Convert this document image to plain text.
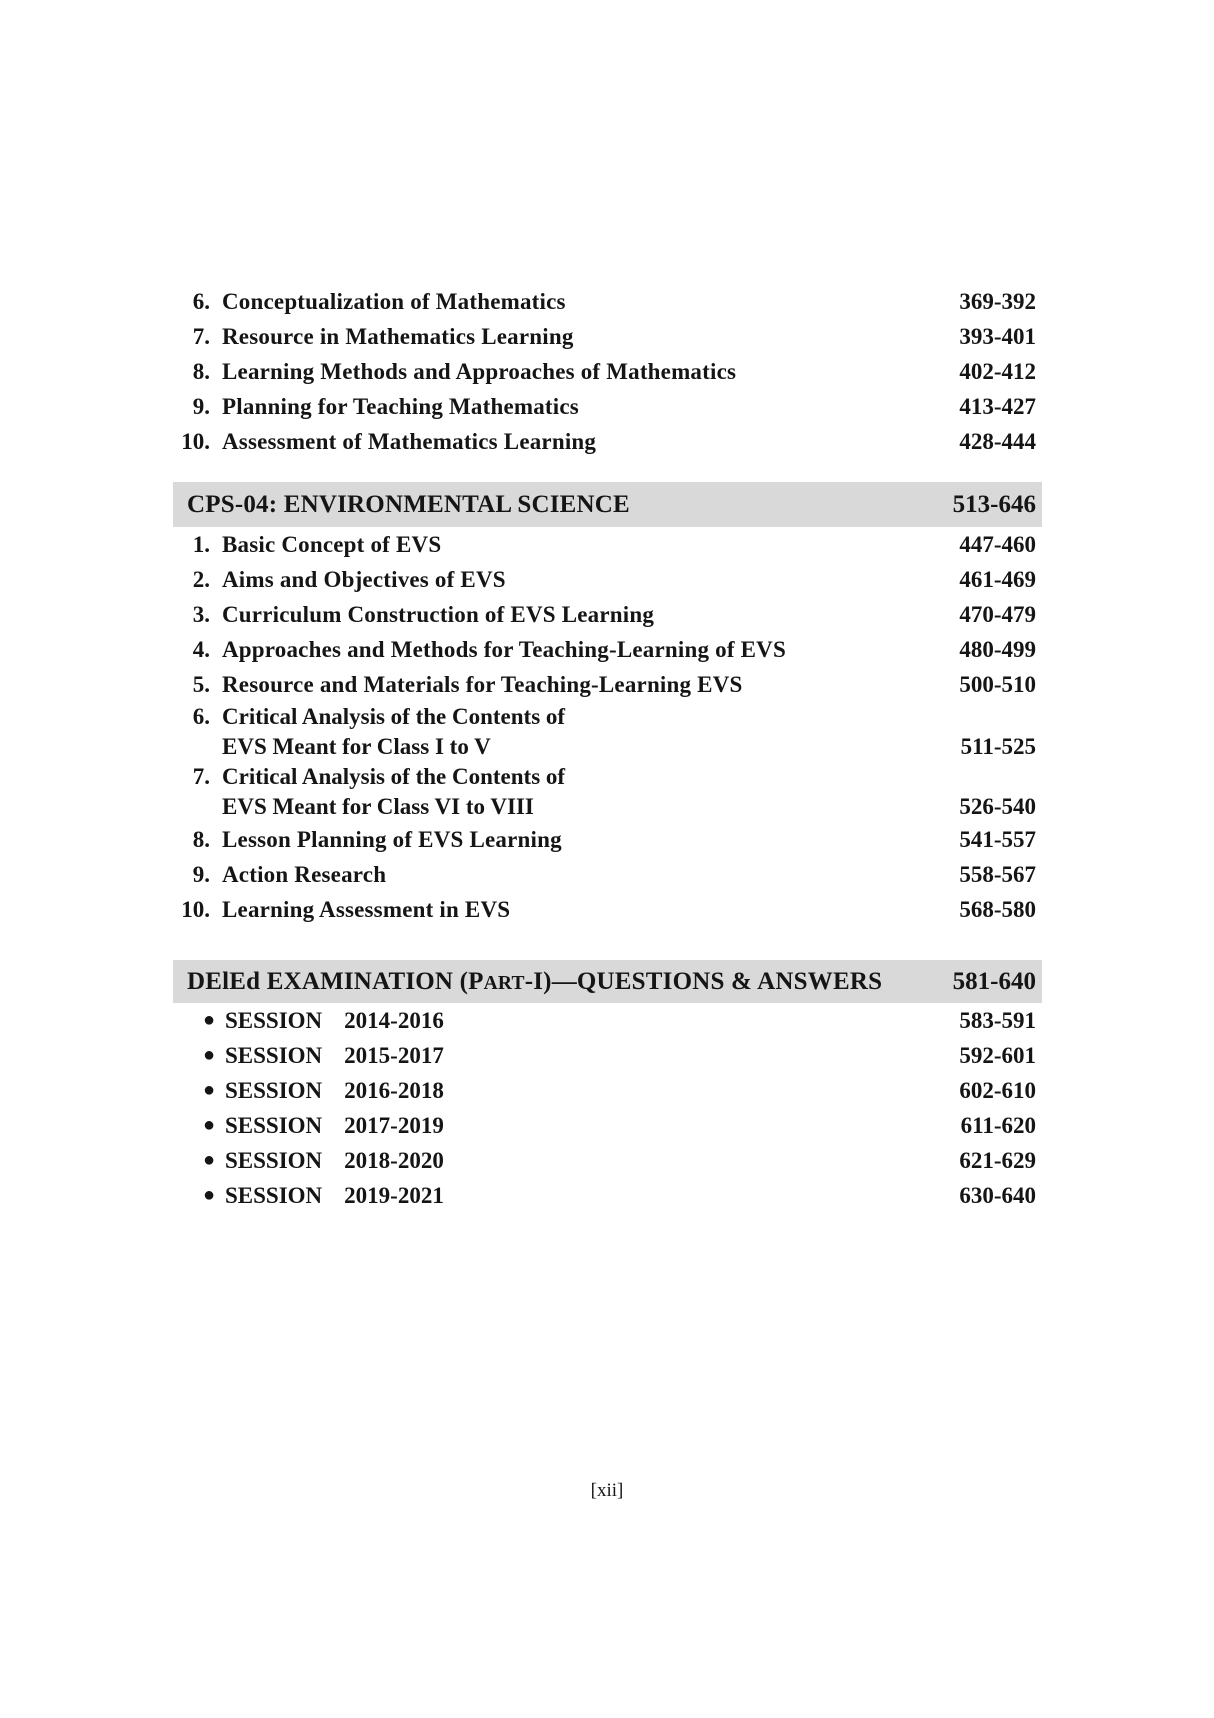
6. Conceptualization of Mathematics	369-392
7. Resource in Mathematics Learning	393-401
8. Learning Methods and Approaches of Mathematics	402-412
9. Planning for Teaching Mathematics	413-427
10. Assessment of Mathematics Learning	428-444
CPS-04: ENVIRONMENTAL SCIENCE	513-646
1. Basic Concept of EVS	447-460
2. Aims and Objectives of EVS	461-469
3. Curriculum Construction of EVS Learning	470-479
4. Approaches and Methods for Teaching-Learning of EVS	480-499
5. Resource and Materials for Teaching-Learning EVS	500-510
6. Critical Analysis of the Contents of
EVS Meant for Class I to V	511-525
7. Critical Analysis of the Contents of
EVS Meant for Class VI to VIII	526-540
8. Lesson Planning of EVS Learning	541-557
9. Action Research	558-567
10. Learning Assessment in EVS	568-580
DElEd EXAMINATION (PART-I)—QUESTIONS & ANSWERS	581-640
● SESSION 2014-2016	583-591
● SESSION 2015-2017	592-601
● SESSION 2016-2018	602-610
● SESSION 2017-2019	611-620
● SESSION 2018-2020	621-629
● SESSION 2019-2021	630-640
[xii]
